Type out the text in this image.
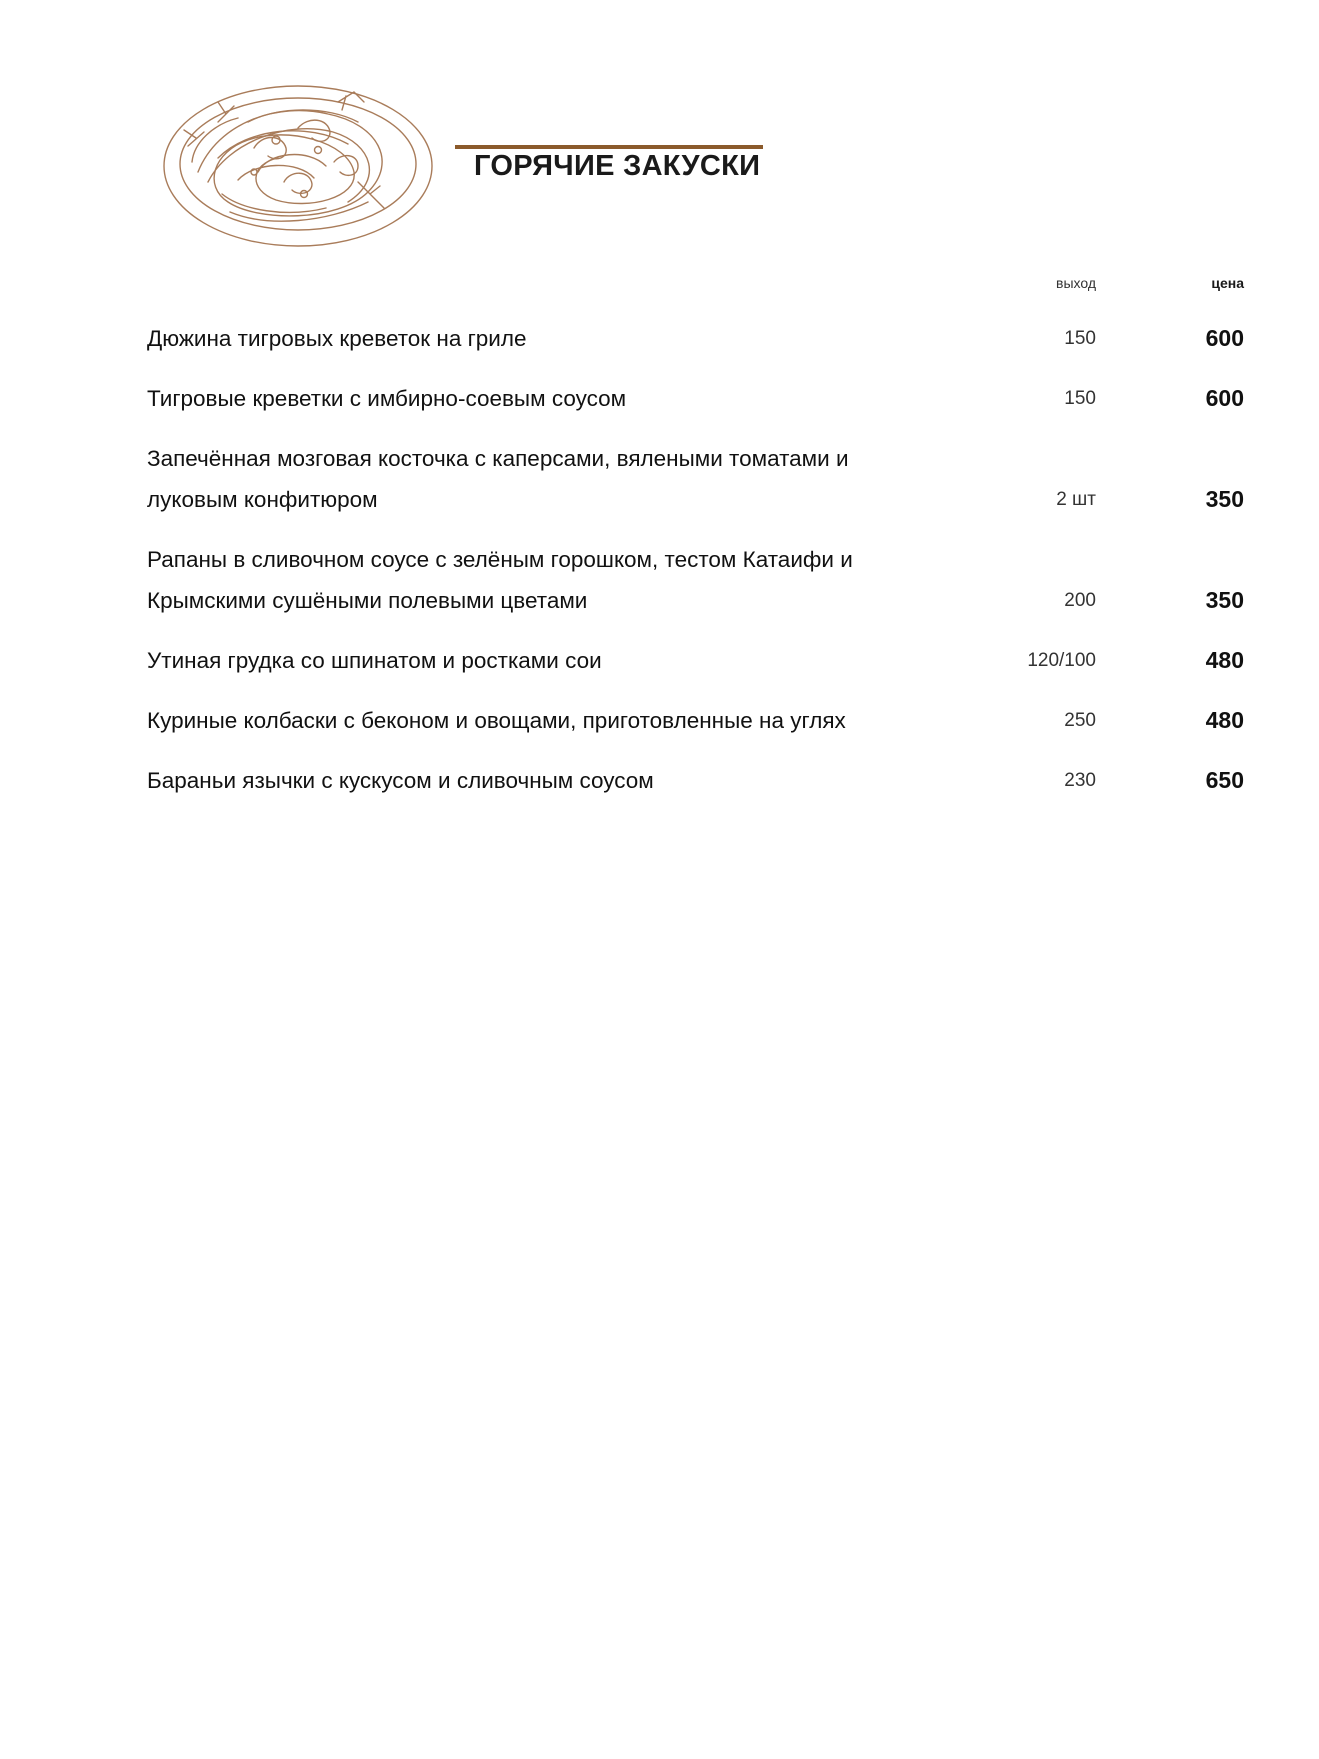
ГОРЯЧИЕ ЗАКУСКИ
выход	цена
Дюжина тигровых креветок на гриле	150	600
Тигровые креветки с имбирно-соевым соусом	150	600
Запечённая мозговая косточка с каперсами, вялеными томатами и луковым конфитюром	2 шт	350
Рапаны в сливочном соусе с зелёным горошком, тестом Катаифи и Крымскими сушёными полевыми цветами	200	350
Утиная грудка со шпинатом и ростками сои	120/100	480
Куриные колбаски с беконом и овощами, приготовленные на углях	250	480
Бараньи язычки с кускусом и сливочным соусом	230	650
